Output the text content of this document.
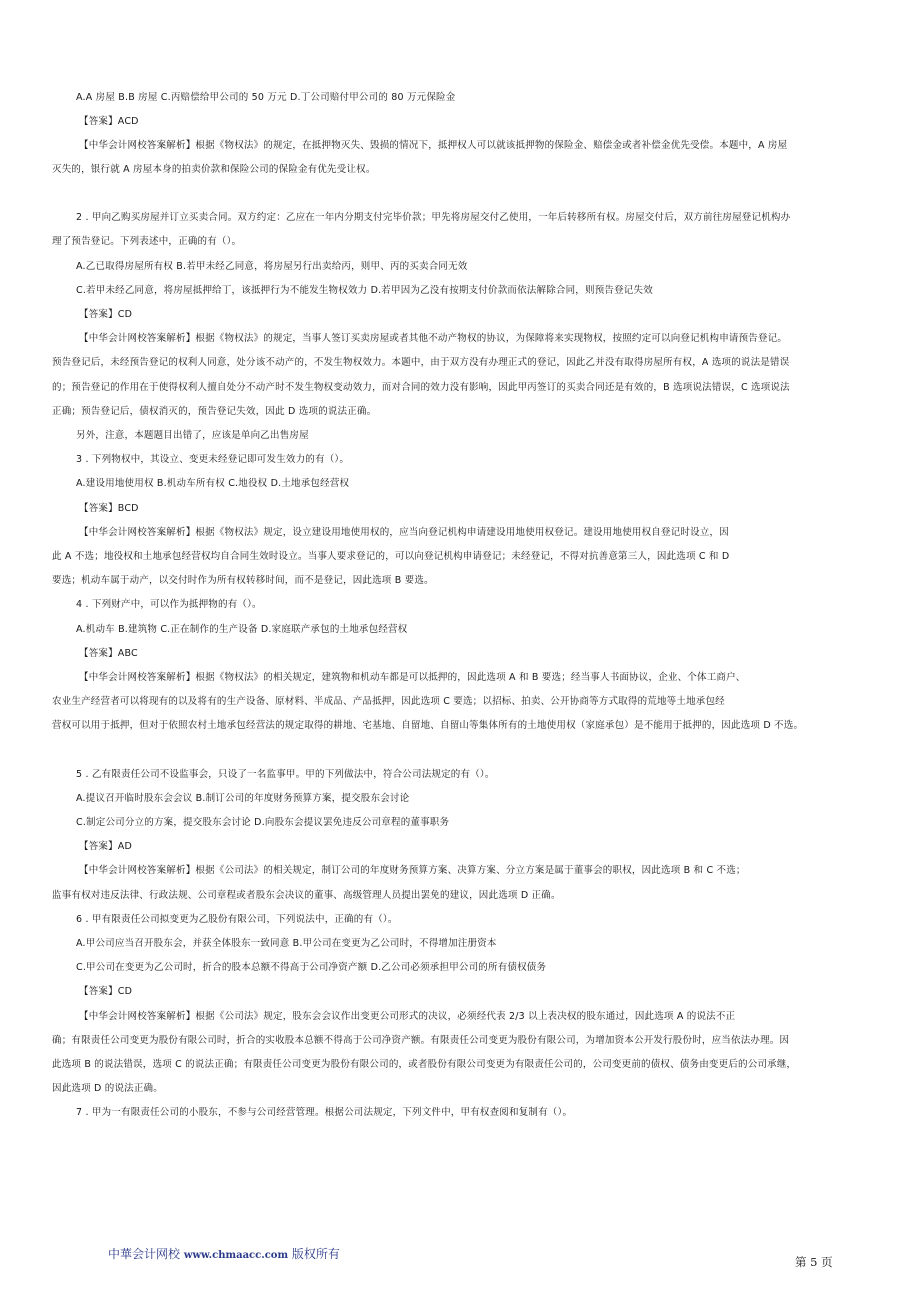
A.A 房屋 B.B 房屋 C.丙赔偿给甲公司的 50 万元 D.丁公司赔付甲公司的 80 万元保险金
【答案】ACD
【中华会计网校答案解析】根据《物权法》的规定，在抵押物灭失、毁损的情况下，抵押权人可以就该抵押物的保险金、赔偿金或者补偿金优先受偿。本题中，A 房屋
灭失的，银行就 A 房屋本身的拍卖价款和保险公司的保险金有优先受让权。
2 . 甲向乙购买房屋并订立买卖合同。双方约定：乙应在一年内分期支付完毕价款；甲先将房屋交付乙使用，一年后转移所有权。房屋交付后，双方前往房屋登记机构办
理了预告登记。下列表述中，正确的有（）。
A.乙已取得房屋所有权 B.若甲未经乙同意，将房屋另行出卖给丙，则甲、丙的买卖合同无效
C.若甲未经乙同意，将房屋抵押给丁，该抵押行为不能发生物权效力 D.若甲因为乙没有按期支付价款而依法解除合同，则预告登记失效
【答案】CD
【中华会计网校答案解析】根据《物权法》的规定，当事人签订买卖房屋或者其他不动产物权的协议，为保障将来实现物权，按照约定可以向登记机构申请预告登记。
预告登记后，未经预告登记的权利人同意，处分该不动产的，不发生物权效力。本题中，由于双方没有办理正式的登记，因此乙并没有取得房屋所有权，A 选项的说法是错误
的；预告登记的作用在于使得权利人擅自处分不动产时不发生物权变动效力，而对合同的效力没有影响，因此甲丙签订的买卖合同还是有效的，B 选项说法错误，C 选项说法
正确；预告登记后，债权消灭的，预告登记失效，因此 D 选项的说法正确。
另外，注意，本题题目出错了，应该是单向乙出售房屋
3 . 下列物权中，其设立、变更未经登记即可发生效力的有（）。
A.建设用地使用权 B.机动车所有权 C.地役权 D.土地承包经营权
【答案】BCD
【中华会计网校答案解析】根据《物权法》规定，设立建设用地使用权的，应当向登记机构申请建设用地使用权登记。建设用地使用权自登记时设立，因
此 A 不选；地役权和土地承包经营权均自合同生效时设立。当事人要求登记的，可以向登记机构申请登记；未经登记，不得对抗善意第三人，因此选项 C 和 D
要选；机动车属于动产，以交付时作为所有权转移时间，而不是登记，因此选项 B 要选。
4 . 下列财产中，可以作为抵押物的有（）。
A.机动车 B.建筑物 C.正在制作的生产设备 D.家庭联产承包的土地承包经营权
【答案】ABC
【中华会计网校答案解析】根据《物权法》的相关规定，建筑物和机动车都是可以抵押的，因此选项 A 和 B 要选；经当事人书面协议，企业、个体工商户、
农业生产经营者可以将现有的以及将有的生产设备、原材料、半成品、产品抵押，因此选项 C 要选；以招标、拍卖、公开协商等方式取得的荒地等土地承包经
营权可以用于抵押，但对于依照农村土地承包经营法的规定取得的耕地、宅基地、自留地、自留山等集体所有的土地使用权（家庭承包）是不能用于抵押的，因此选项 D 不选。
5 . 乙有限责任公司不设监事会，只设了一名监事甲。甲的下列做法中，符合公司法规定的有（）。
A.提议召开临时股东会会议 B.制订公司的年度财务预算方案，提交股东会讨论
C.制定公司分立的方案，提交股东会讨论 D.向股东会提议罢免违反公司章程的董事职务
【答案】AD
【中华会计网校答案解析】根据《公司法》的相关规定，制订公司的年度财务预算方案、决算方案、分立方案是属于董事会的职权，因此选项 B 和 C 不选；
监事有权对违反法律、行政法规、公司章程或者股东会决议的董事、高级管理人员提出罢免的建议，因此选项 D 正确。
6 . 甲有限责任公司拟变更为乙股份有限公司，下列说法中，正确的有（）。
A.甲公司应当召开股东会，并获全体股东一致同意 B.甲公司在变更为乙公司时，不得增加注册资本
C.甲公司在变更为乙公司时，折合的股本总额不得高于公司净资产额 D.乙公司必须承担甲公司的所有债权债务
【答案】CD
【中华会计网校答案解析】根据《公司法》规定，股东会会议作出变更公司形式的决议，必须经代表 2/3 以上表决权的股东通过，因此选项 A 的说法不正
确；有限责任公司变更为股份有限公司时，折合的实收股本总额不得高于公司净资产额。有限责任公司变更为股份有限公司，为增加资本公开发行股份时，应当依法办理。因
此选项 B 的说法错误，选项 C 的说法正确；有限责任公司变更为股份有限公司的，或者股份有限公司变更为有限责任公司的，公司变更前的债权、债务由变更后的公司承继，
因此选项 D 的说法正确。
7 . 甲为一有限责任公司的小股东，不参与公司经营管理。根据公司法规定，下列文件中，甲有权查阅和复制有（）。
中華会计网校 www.chmaacc.com 版权所有
第 5 页
